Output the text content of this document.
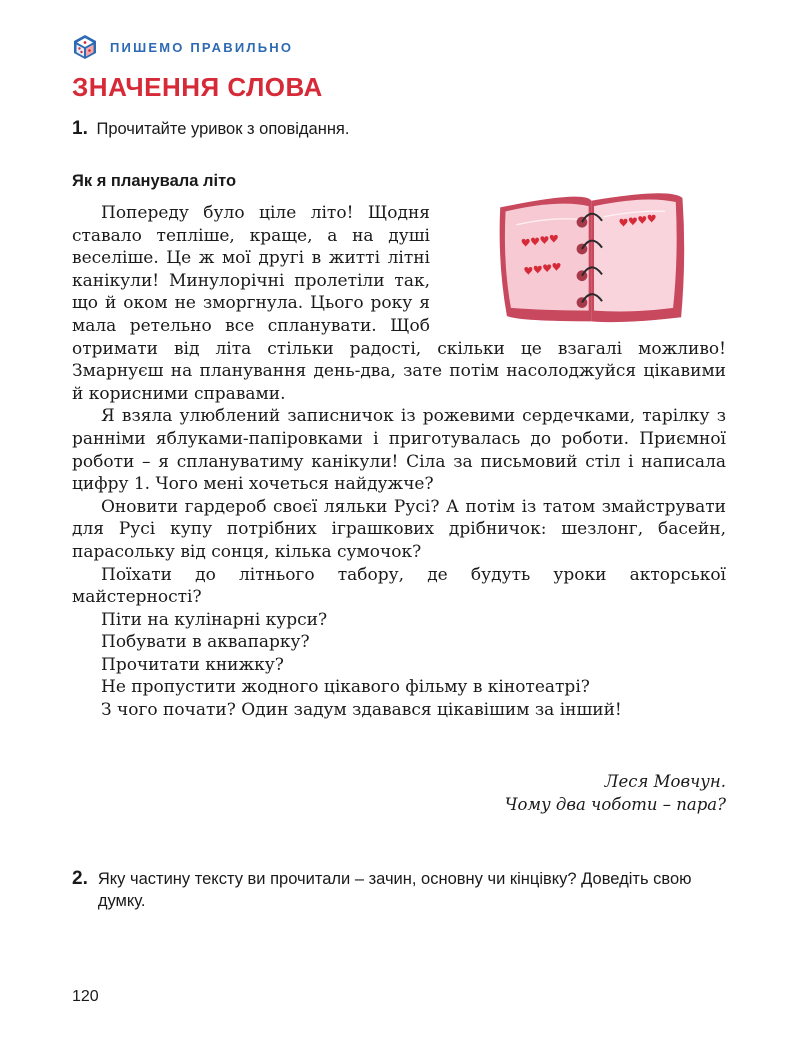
ПИШЕМО ПРАВИЛЬНО
ЗНАЧЕННЯ СЛОВА
1. Прочитайте уривок з оповідання.
Як я планувала літо

Попереду було ціле літо! Щодня ставало тепліше, краще, а на душі веселіше. Це ж мої другі в житті літні канікули! Минулорічні пролетіли так, що й оком не зморгнула. Цього року я мала ретельно все спланувати. Щоб отримати від літа стільки радості, скільки це взагалі можливо! Змарнуєш на планування день-два, зате потім насолоджуйся цікавими й корисними справами.

Я взяла улюблений записничок із рожевими сердечками, тарілку з ранніми яблуками-папіровками і приготувалась до роботи. Приємної роботи – я сплануватиму канікули! Сіла за письмовий стіл і написала цифру 1. Чого мені хочеться найдужче?

Оновити гардероб своєї ляльки Русі? А потім із татом змайструвати для Русі купу потрібних іграшкових дрібничок: шезлонг, басейн, парасольку від сонця, кілька сумочок?

Поїхати до літнього табору, де будуть уроки акторської майстерності?

Піти на кулінарні курси?

Побувати в аквапарку?

Прочитати книжку?

Не пропустити жодного цікавого фільму в кінотеатрі?

З чого почати? Один задум здавався цікавішим за інший!

Леся Мовчун.
Чому два чоботи – пара?
2. Яку частину тексту ви прочитали – зачин, основну чи кінцівку? Доведіть свою думку.
120
